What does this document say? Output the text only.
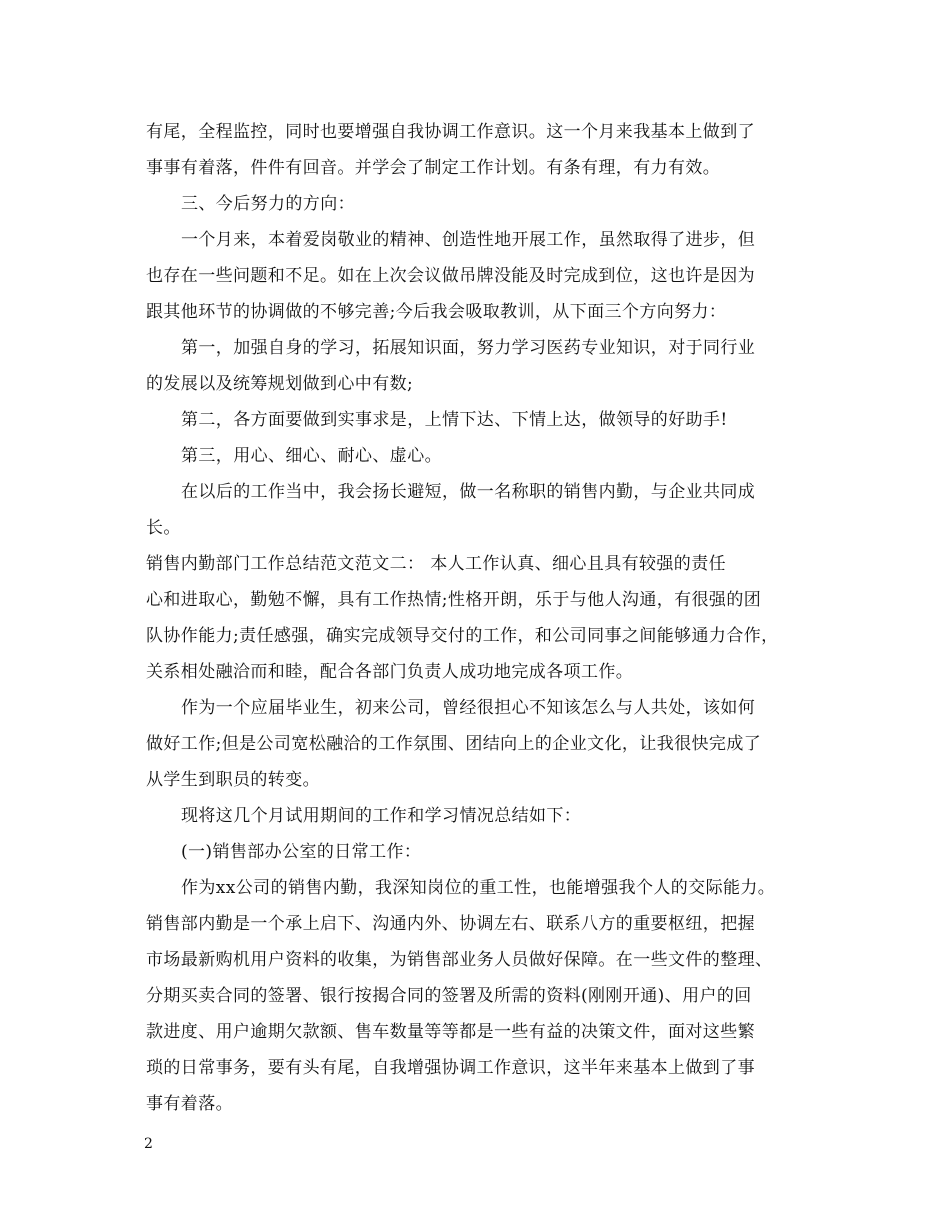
有尾，全程监控，同时也要增强自我协调工作意识。这一个月来我基本上做到了
事事有着落，件件有回音。并学会了制定工作计划。有条有理，有力有效。
三、今后努力的方向：
一个月来，本着爱岗敬业的精神、创造性地开展工作，虽然取得了进步，但
也存在一些问题和不足。如在上次会议做吊牌没能及时完成到位，这也许是因为
跟其他环节的协调做的不够完善;今后我会吸取教训，从下面三个方向努力：
第一，加强自身的学习，拓展知识面，努力学习医药专业知识，对于同行业
的发展以及统筹规划做到心中有数;
第二，各方面要做到实事求是，上情下达、下情上达，做领导的好助手!
第三，用心、细心、耐心、虚心。
在以后的工作当中，我会扬长避短，做一名称职的销售内勤，与企业共同成
长。
销售内勤部门工作总结范文范文二： 本人工作认真、细心且具有较强的责任
心和进取心，勤勉不懈，具有工作热情;性格开朗，乐于与他人沟通，有很强的团
队协作能力;责任感强，确实完成领导交付的工作，和公司同事之间能够通力合作，
关系相处融洽而和睦，配合各部门负责人成功地完成各项工作。
作为一个应届毕业生，初来公司，曾经很担心不知该怎么与人共处，该如何
做好工作;但是公司宽松融洽的工作氛围、团结向上的企业文化，让我很快完成了
从学生到职员的转变。
现将这几个月试用期间的工作和学习情况总结如下：
(一)销售部办公室的日常工作：
作为xx公司的销售内勤，我深知岗位的重工性，也能增强我个人的交际能力。
销售部内勤是一个承上启下、沟通内外、协调左右、联系八方的重要枢纽，把握
市场最新购机用户资料的收集，为销售部业务人员做好保障。在一些文件的整理、
分期买卖合同的签署、银行按揭合同的签署及所需的资料(刚刚开通)、用户的回
款进度、用户逾期欠款额、售车数量等等都是一些有益的决策文件，面对这些繁
琐的日常事务，要有头有尾，自我增强协调工作意识，这半年来基本上做到了事
事有着落。
2
